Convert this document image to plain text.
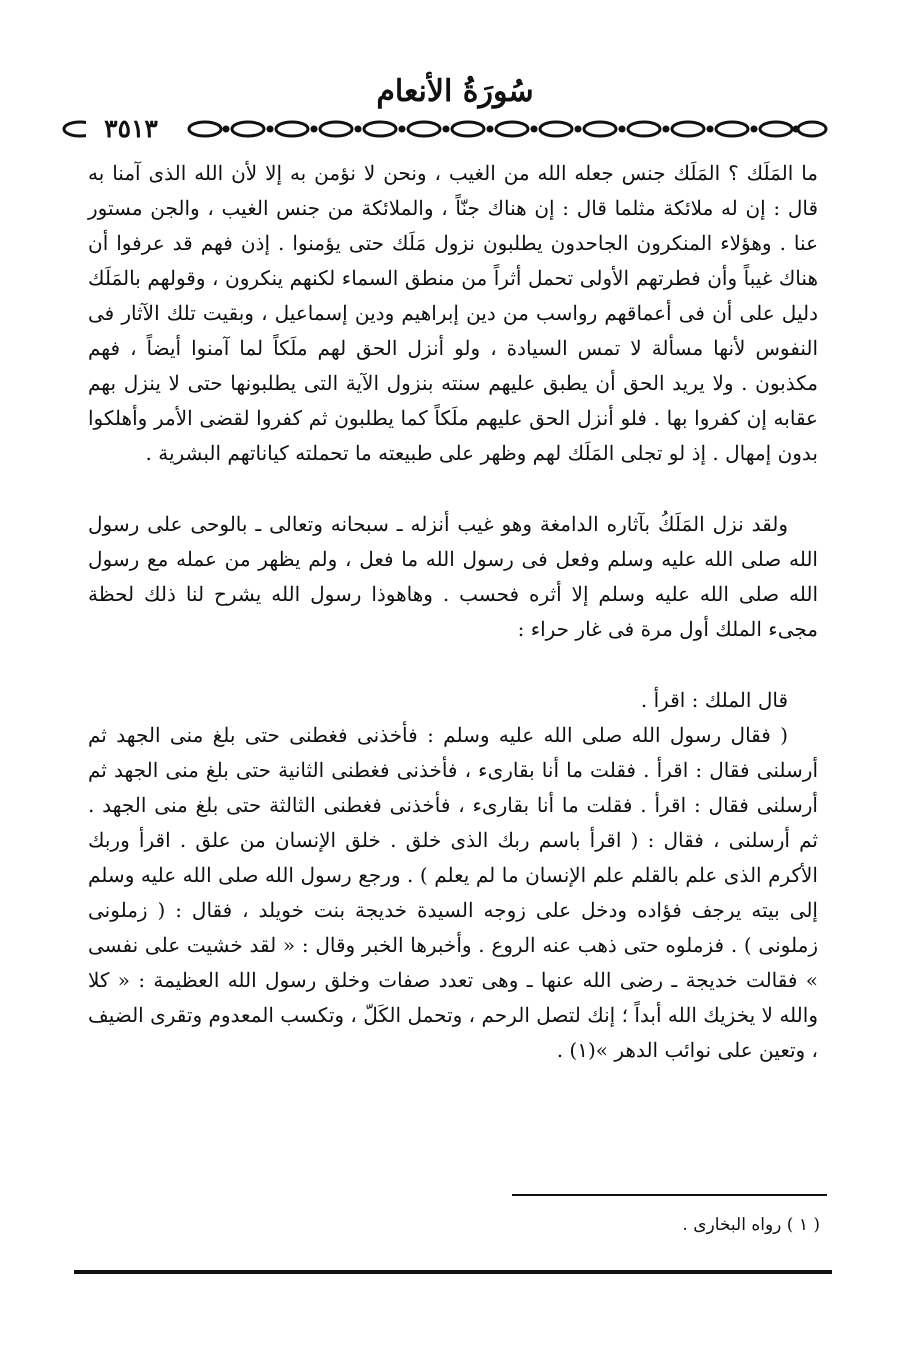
سُورَةُ الأنعام
٣٥١٣

ما المَلَك ؟ المَلَك جنس جعله الله من الغيب ، ونحن لا نؤمن به إلا لأن الله الذى آمنا به قال : إن له ملائكة مثلما قال : إن هناك جنّاً ، والملائكة من جنس الغيب ، والجن مستور عنا . وهؤلاء المنكرون الجاحدون يطلبون نزول مَلَك حتى يؤمنوا . إذن فهم قد عرفوا أن هناك غيباً وأن فطرتهم الأولى تحمل أثراً من منطق السماء لكنهم ينكرون ، وقولهم بالمَلَك دليل على أن فى أعماقهم رواسب من دين إبراهيم ودين إسماعيل ، وبقيت تلك الآثار فى النفوس لأنها مسألة لا تمس السيادة ، ولو أنزل الحق لهم ملَكاً لما آمنوا أيضاً ، فهم مكذبون . ولا يريد الحق أن يطبق عليهم سنته بنزول الآية التى يطلبونها حتى لا ينزل بهم عقابه إن كفروا بها . فلو أنزل الحق عليهم ملَكاً كما يطلبون ثم كفروا لقضى الأمر وأهلكوا بدون إمهال . إذ لو تجلى المَلَك لهم وظهر على طبيعته ما تحملته كياناتهم البشرية .

ولقد نزل المَلَكُ بآثاره الدامغة وهو غيب أنزله ـ سبحانه وتعالى ـ بالوحى على رسول الله صلى الله عليه وسلم وفعل فى رسول الله ما فعل ، ولم يظهر من عمله مع رسول الله صلى الله عليه وسلم إلا أثره فحسب . وهاهوذا رسول الله يشرح لنا ذلك لحظة مجىء الملك أول مرة فى غار حراء :

قال الملك : اقرأ .

( فقال رسول الله صلى الله عليه وسلم : فأخذنى فغطنى حتى بلغ منى الجهد ثم أرسلنى فقال : اقرأ . فقلت ما أنا بقارىء ، فأخذنى فغطنى الثانية حتى بلغ منى الجهد ثم أرسلنى فقال : اقرأ . فقلت ما أنا بقارىء ، فأخذنى فغطنى الثالثة حتى بلغ منى الجهد . ثم أرسلنى ، فقال : ( اقرأ باسم ربك الذى خلق . خلق الإنسان من علق . اقرأ وربك الأكرم الذى علم بالقلم علم الإنسان ما لم يعلم ) . ورجع رسول الله صلى الله عليه وسلم إلى بيته يرجف فؤاده ودخل على زوجه السيدة خديجة بنت خويلد ، فقال : ( زملونى زملونى ) . فزملوه حتى ذهب عنه الروع . وأخبرها الخبر وقال : « لقد خشيت على نفسى » فقالت خديجة ـ رضى الله عنها ـ وهى تعدد صفات وخلق رسول الله العظيمة : « كلا والله لا يخزيك الله أبداً ؛ إنك لتصل الرحم ، وتحمل الكَلّ ، وتكسب المعدوم وتقرى الضيف ، وتعين على نوائب الدهر »(١) .

( ١ ) رواه البخارى .
